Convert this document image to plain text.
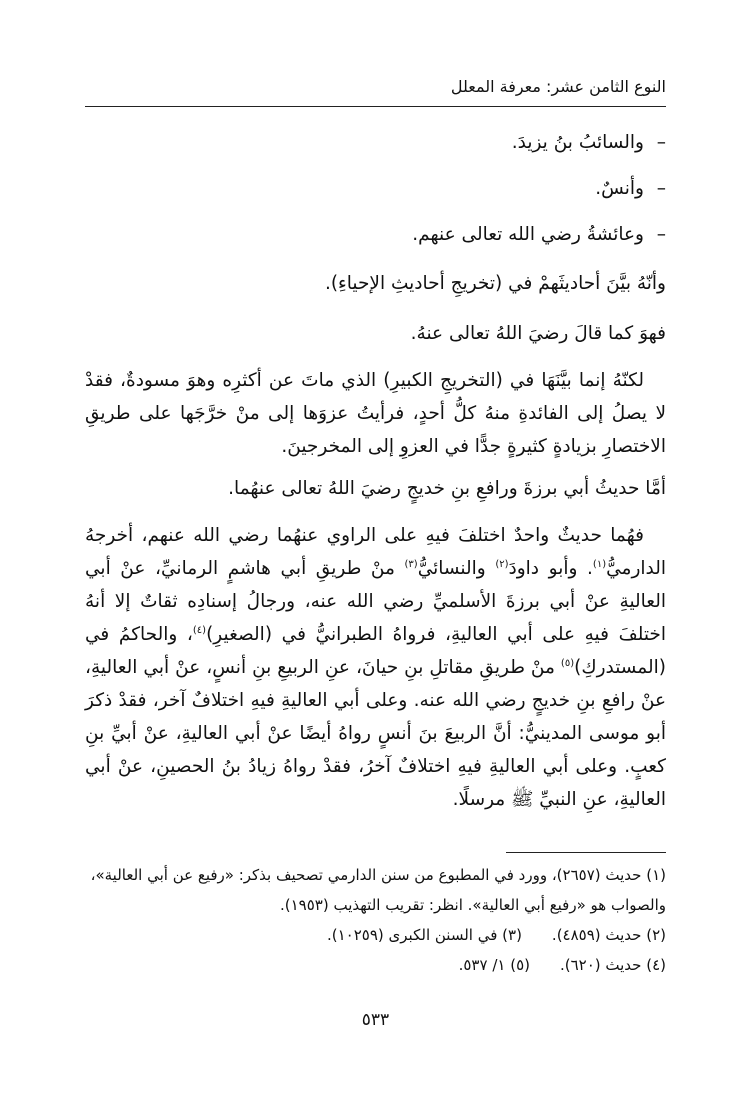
النوع الثامن عشر: معرفة المعلل

–والسائبُ بنُ يزيدَ.

–وأنسٌ.

–وعائشةُ رضي الله تعالى عنهم.

وأنّهُ بيَّنَ أحاديثَهمْ في (تخريجِ أحاديثِ الإحياءِ).

فهوَ كما قالَ رضيَ اللهُ تعالى عنهُ.

لكنّهُ إنما بيَّنَهَا في (التخريجِ الكبيرِ) الذي ماتَ عن أكثرِه وهوَ مسودةٌ، فقدْ لا يصلُ إلى الفائدةِ منهُ كلُّ أحدٍ، فرأيتُ عزوَها إلى منْ خرَّجَها على طريقِ الاختصارِ بزيادةٍ كثيرةٍ جدًّا في العزوِ إلى المخرجينَ.

أمَّا حديثُ أبي برزةَ ورافعِ بنِ خديجٍ رضيَ اللهُ تعالى عنهُما.

فهُما حديثٌ واحدٌ اختلفَ فيهِ على الراوي عنهُما رضي الله عنهم، أخرجهُ الدارميُّ$^{(١)}$. وأبو داودَ$^{(٢)}$ والنسائيُّ$^{(٣)}$ منْ طريقِ أبي هاشمٍ الرمانيِّ، عنْ أبي العاليةِ عنْ أبي برزةَ الأسلميِّ رضي الله عنه، ورجالُ إسنادِه ثقاتٌ إلا أنهُ اختلفَ فيهِ على أبي العاليةِ، فرواهُ الطبرانيُّ في (الصغيرِ)$^{(٤)}$، والحاكمُ في (المستدركِ)$^{(٥)}$ منْ طريقِ مقاتلِ بنِ حيانَ، عنِ الربيعِ بنِ أنسٍ، عنْ أبي العاليةِ، عنْ رافعِ بنِ خديجٍ رضي الله عنه. وعلى أبي العاليةِ فيهِ اختلافٌ آخر، فقدْ ذكرَ أبو موسى المدينيُّ: أنَّ الربيعَ بنَ أنسٍ رواهُ أيضًا عنْ أبي العاليةِ، عنْ أبيِّ بنِ كعبٍ. وعلى أبي العاليةِ فيهِ اختلافٌ آخرُ، فقدْ رواهُ زيادُ بنُ الحصينِ، عنْ أبي العاليةِ، عنِ النبيِّ ﷺ مرسلًا.

(١) حديث (٢٦٥٧)، وورد في المطبوع من سنن الدارمي تصحيف بذكر: «رفيع عن أبي العالية»، والصواب هو «رفيع أبي العالية». انظر: تقريب التهذيب (١٩٥٣).

(٢) حديث (٤٨٥٩).
(٣) في السنن الكبرى (١٠٢٥٩).
(٤) حديث (٦٢٠).
(٥) ١/ ٥٣٧.
٥٣٣
